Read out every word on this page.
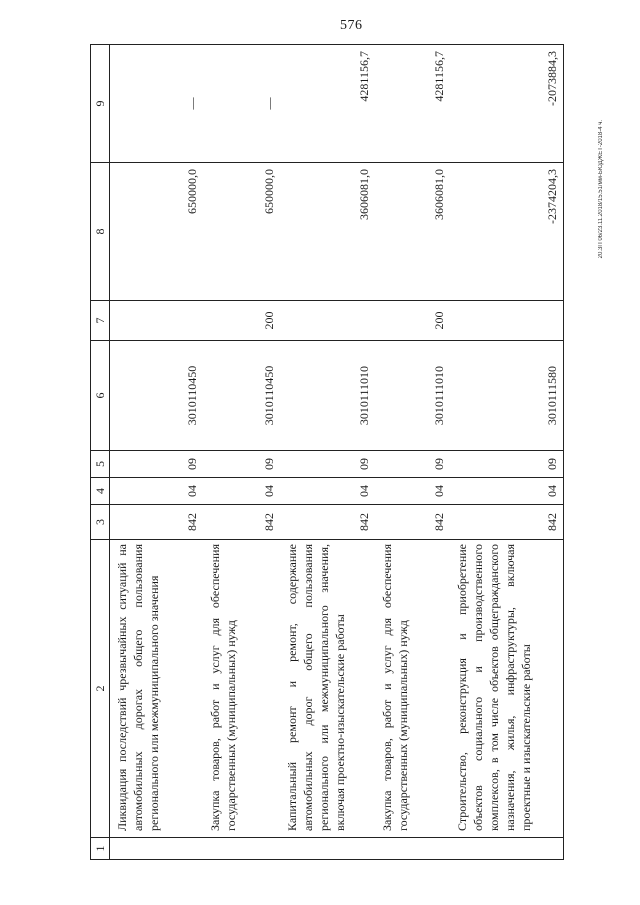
576
20.3П 06/23.11.2018/15.51/мм-БЮДЖЕТ-2018-4 ч.
1	2	3	4	5	6	7	8	9
	Ликвидация последствий чрезвычайных ситуаций на автомобильных дорогах общего пользования регионального или межмуниципального значения	842	04	09	3010110450		650000,0	—
	Закупка товаров, работ и услуг для обеспечения государственных (муниципальных) нужд	842	04	09	3010110450	200	650000,0	—
	Капитальный ремонт и ремонт, содержание автомобильных дорог общего пользования регионального или межмуниципального значения, включая проектно-изыскательские работы	842	04	09	3010111010		3606081,0	4281156,7
	Закупка товаров, работ и услуг для обеспечения государственных (муниципальных) нужд	842	04	09	3010111010	200	3606081,0	4281156,7
	Строительство, реконструкция и приобретение объектов социального и производственного комплексов, в том числе объектов общегражданского назначения, жилья, инфраструктуры, включая проектные и изыскательские работы	842	04	09	3010111580		-2374204,3	-2073884,3
